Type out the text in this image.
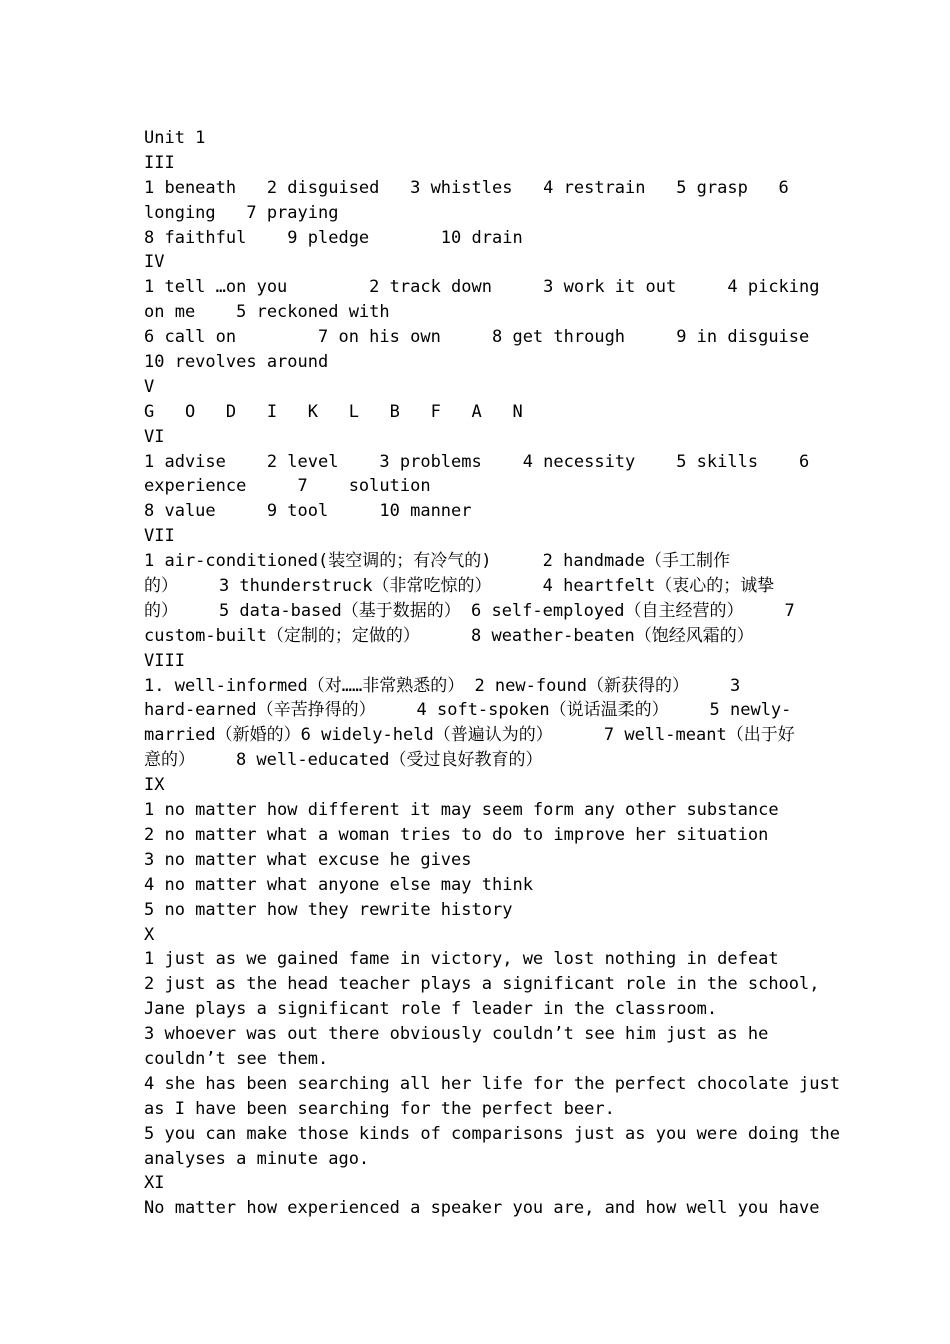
Unit 1
III
1 beneath   2 disguised   3 whistles   4 restrain   5 grasp   6
longing   7 praying
8 faithful    9 pledge       10 drain
IV
1 tell …on you        2 track down     3 work it out     4 picking
on me    5 reckoned with
6 call on        7 on his own     8 get through     9 in disguise
10 revolves around
V
G   O   D   I   K   L   B   F   A   N
VI
1 advise    2 level    3 problems    4 necessity    5 skills    6
experience     7    solution
8 value     9 tool     10 manner
VII
1 air-conditioned(装空调的；有冷气的)     2 handmade（手工制作
的）    3 thunderstruck（非常吃惊的）     4 heartfelt（衷心的；诚挚
的）    5 data-based（基于数据的） 6 self-employed（自主经营的）    7
custom-built（定制的；定做的）     8 weather-beaten（饱经风霜的）
VIII
1. well-informed（对……非常熟悉的） 2 new-found（新获得的）    3
hard-earned（辛苦挣得的）    4 soft-spoken（说话温柔的）    5 newly-
married（新婚的）6 widely-held（普遍认为的）     7 well-meant（出于好
意的）    8 well-educated（受过良好教育的）
IX
1 no matter how different it may seem form any other substance
2 no matter what a woman tries to do to improve her situation
3 no matter what excuse he gives
4 no matter what anyone else may think
5 no matter how they rewrite history
X
1 just as we gained fame in victory, we lost nothing in defeat
2 just as the head teacher plays a significant role in the school,
Jane plays a significant role f leader in the classroom.
3 whoever was out there obviously couldn’t see him just as he
couldn’t see them.
4 she has been searching all her life for the perfect chocolate just
as I have been searching for the perfect beer.
5 you can make those kinds of comparisons just as you were doing the
analyses a minute ago.
XI
No matter how experienced a speaker you are, and how well you have
